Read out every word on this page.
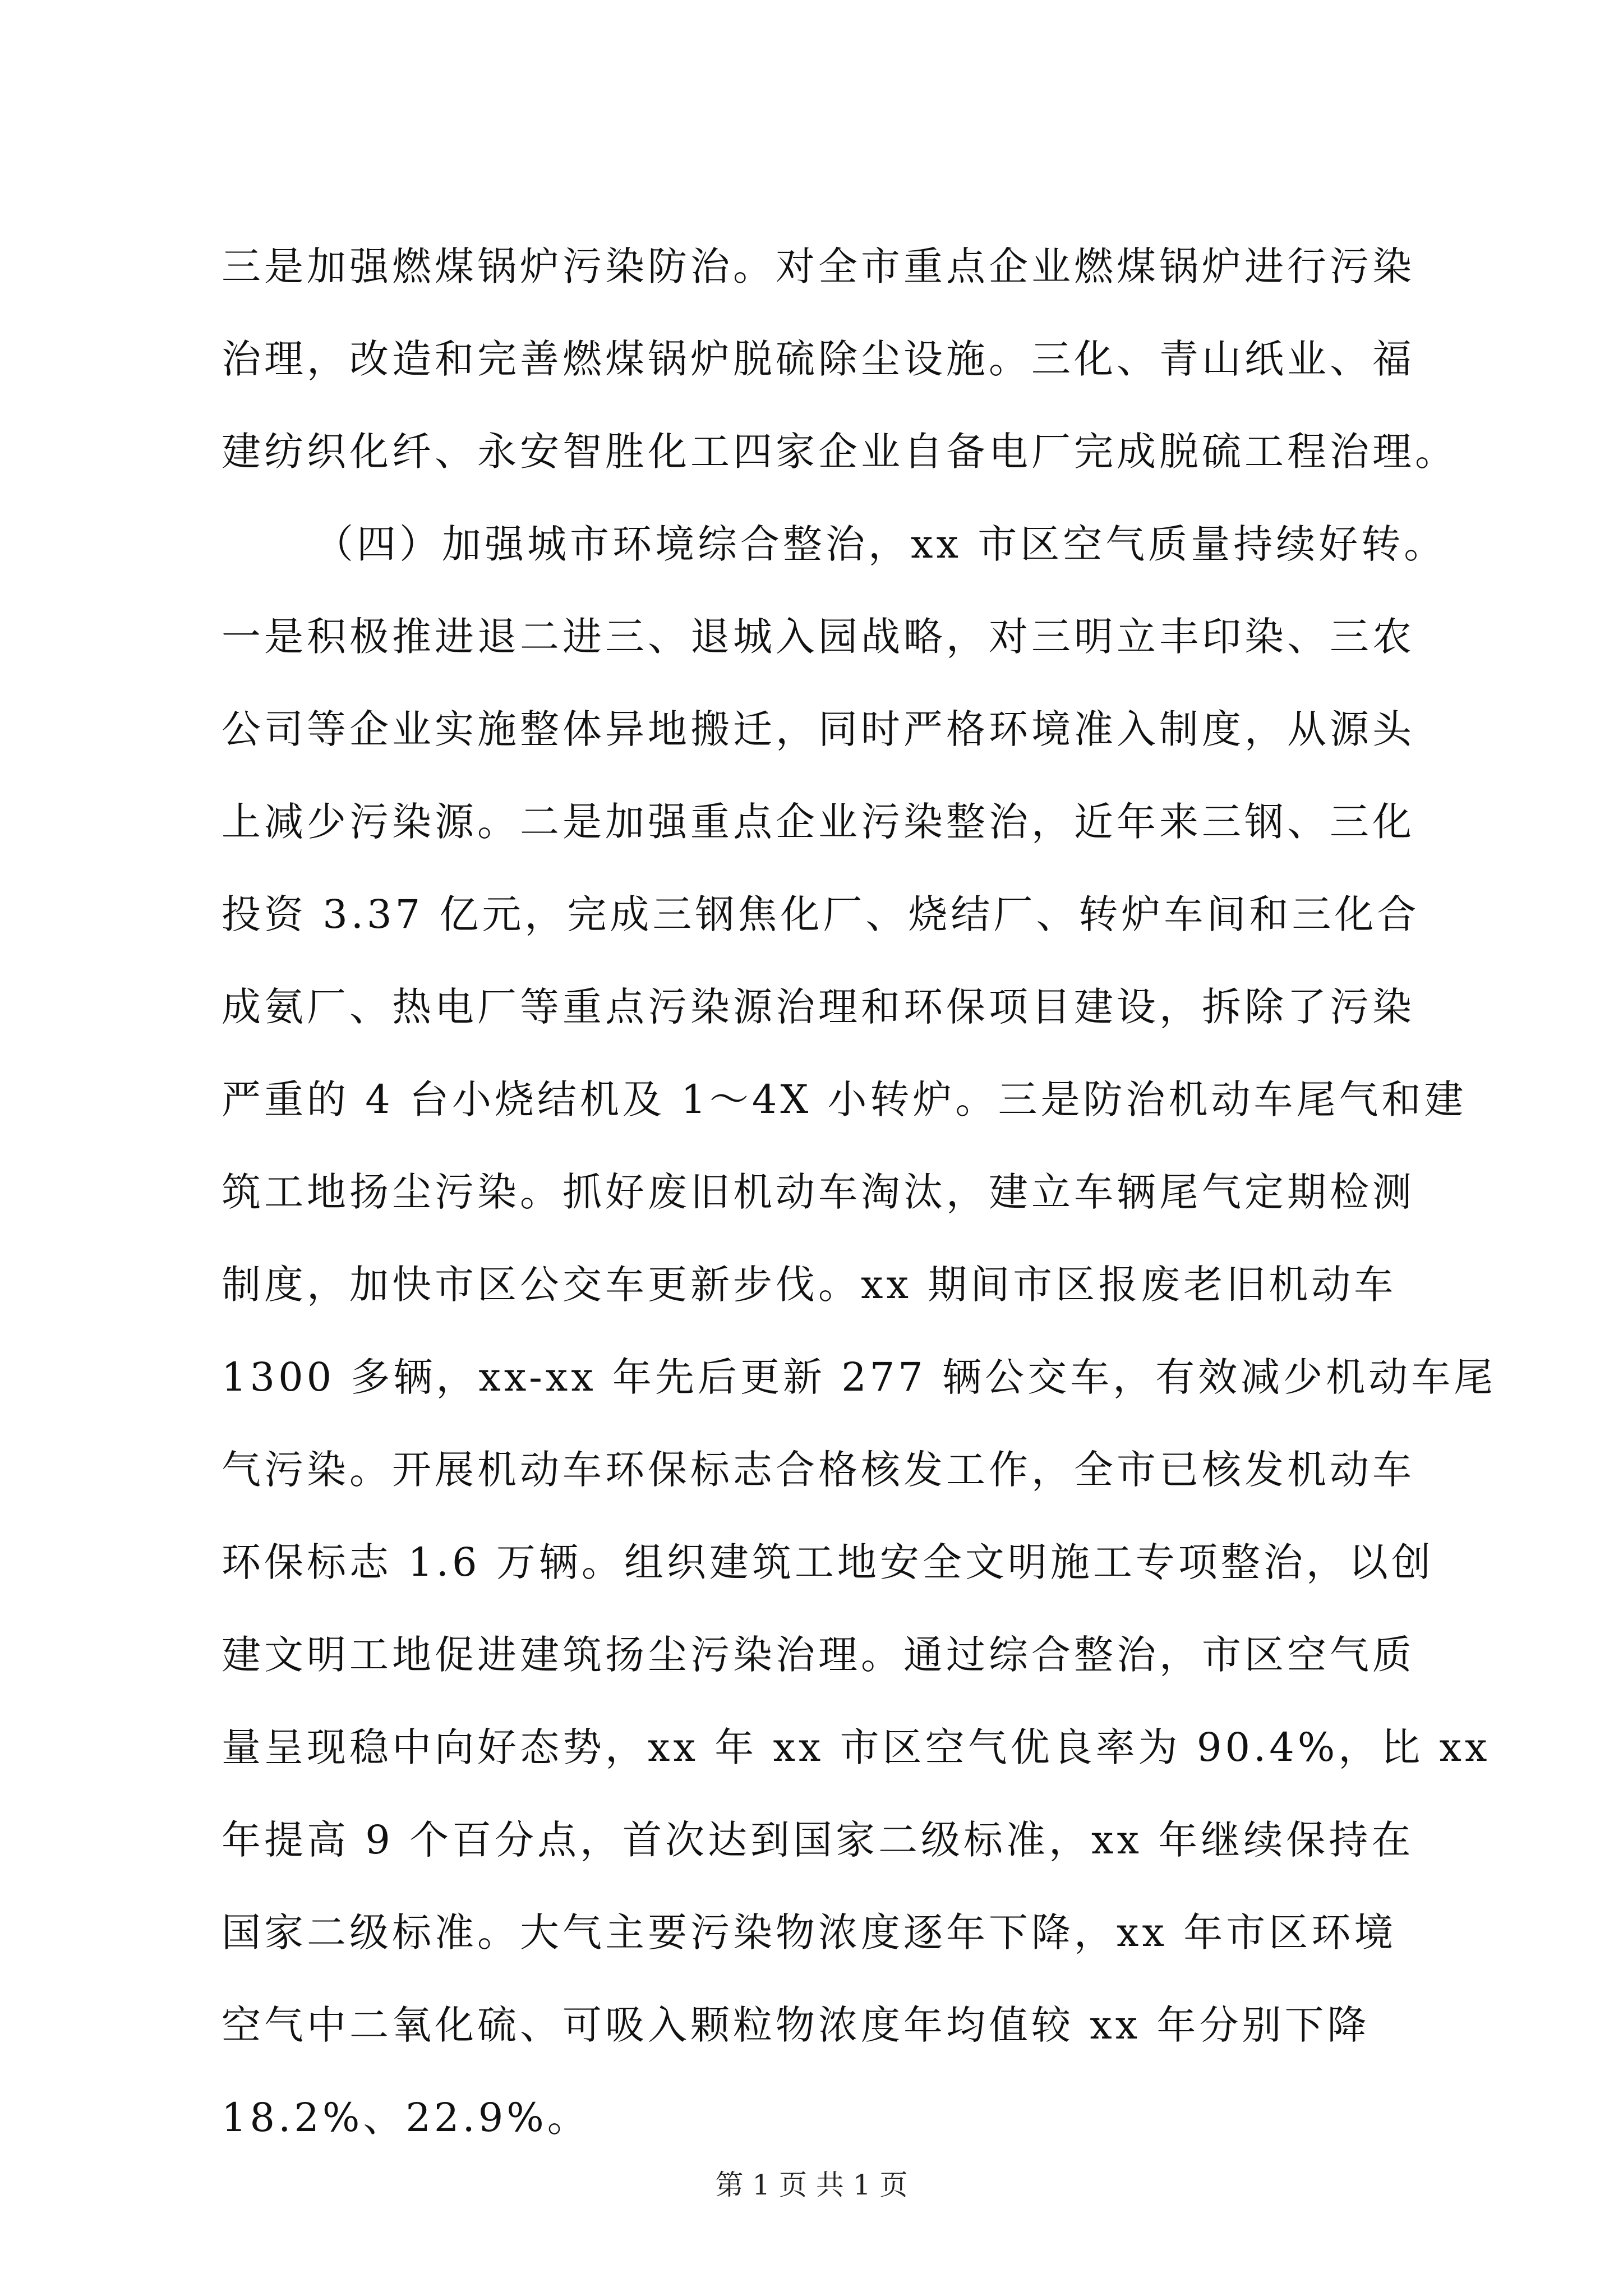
三是加强燃煤锅炉污染防治。对全市重点企业燃煤锅炉进行污染
治理，改造和完善燃煤锅炉脱硫除尘设施。三化、青山纸业、福
建纺织化纤、永安智胜化工四家企业自备电厂完成脱硫工程治理。
（四）加强城市环境综合整治，xx 市区空气质量持续好转。
一是积极推进退二进三、退城入园战略，对三明立丰印染、三农
公司等企业实施整体异地搬迁，同时严格环境准入制度，从源头
上减少污染源。二是加强重点企业污染整治，近年来三钢、三化
投资 3.37 亿元，完成三钢焦化厂、烧结厂、转炉车间和三化合
成氨厂、热电厂等重点污染源治理和环保项目建设，拆除了污染
严重的 4 台小烧结机及 1～4X 小转炉。三是防治机动车尾气和建
筑工地扬尘污染。抓好废旧机动车淘汰，建立车辆尾气定期检测
制度，加快市区公交车更新步伐。xx 期间市区报废老旧机动车
1300 多辆，xx-xx 年先后更新 277 辆公交车，有效减少机动车尾
气污染。开展机动车环保标志合格核发工作，全市已核发机动车
环保标志 1.6 万辆。组织建筑工地安全文明施工专项整治，以创
建文明工地促进建筑扬尘污染治理。通过综合整治，市区空气质
量呈现稳中向好态势，xx 年 xx 市区空气优良率为 90.4%，比 xx
年提高 9 个百分点，首次达到国家二级标准，xx 年继续保持在
国家二级标准。大气主要污染物浓度逐年下降，xx 年市区环境
空气中二氧化硫、可吸入颗粒物浓度年均值较 xx 年分别下降
18.2%、22.9%。
第 1 页 共 1 页
